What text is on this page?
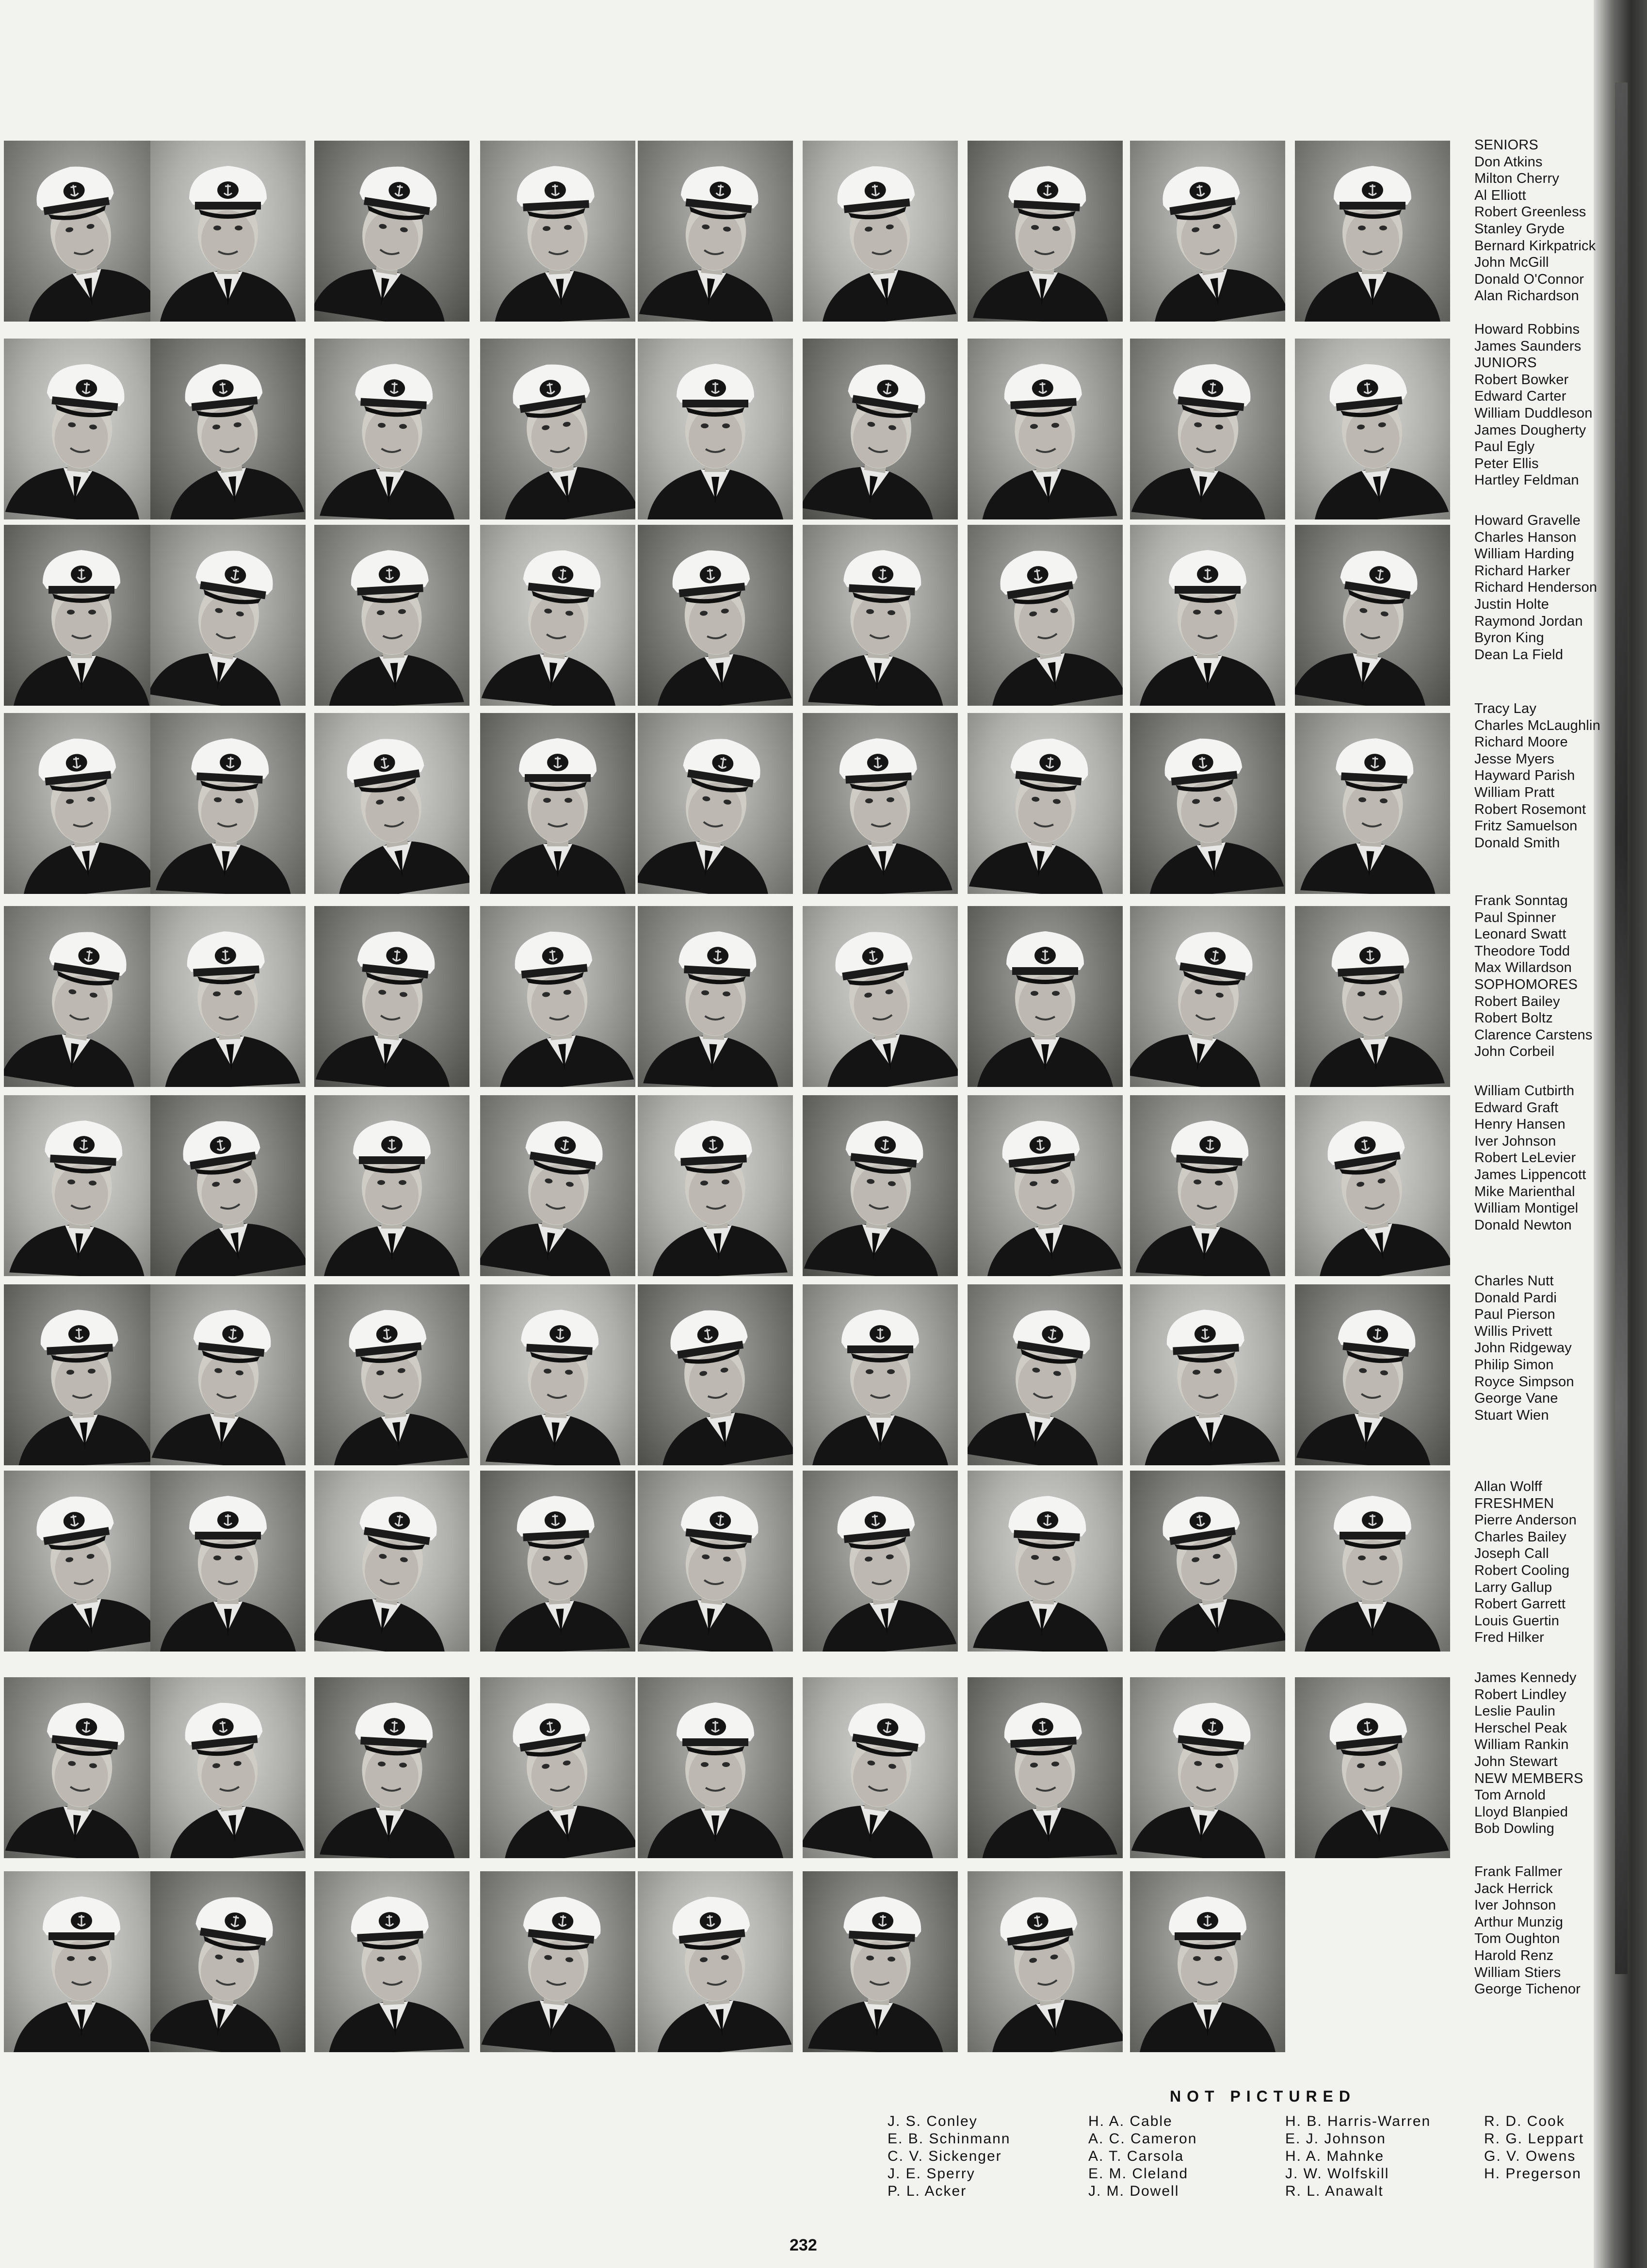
SENIORS
Don Atkins
Milton Cherry
Al Elliott
Robert Greenless
Stanley Gryde
Bernard Kirkpatrick
John McGill
Donald O'Connor
Alan Richardson
Howard Robbins
James Saunders
JUNIORS
Robert Bowker
Edward Carter
William Duddleson
James Dougherty
Paul Egly
Peter Ellis
Hartley Feldman
Howard Gravelle
Charles Hanson
William Harding
Richard Harker
Richard Henderson
Justin Holte
Raymond Jordan
Byron King
Dean La Field
Tracy Lay
Charles McLaughlin
Richard Moore
Jesse Myers
Hayward Parish
William Pratt
Robert Rosemont
Fritz Samuelson
Donald Smith
Frank Sonntag
Paul Spinner
Leonard Swatt
Theodore Todd
Max Willardson
SOPHOMORES
Robert Bailey
Robert Boltz
Clarence Carstens
John Corbeil
William Cutbirth
Edward Graft
Henry Hansen
Iver Johnson
Robert LeLevier
James Lippencott
Mike Marienthal
William Montigel
Donald Newton
Charles Nutt
Donald Pardi
Paul Pierson
Willis Privett
John Ridgeway
Philip Simon
Royce Simpson
George Vane
Stuart Wien
Allan Wolff
FRESHMEN
Pierre Anderson
Charles Bailey
Joseph Call
Robert Cooling
Larry Gallup
Robert Garrett
Louis Guertin
Fred Hilker
James Kennedy
Robert Lindley
Leslie Paulin
Herschel Peak
William Rankin
John Stewart
NEW MEMBERS
Tom Arnold
Lloyd Blanpied
Bob Dowling
Frank Fallmer
Jack Herrick
Iver Johnson
Arthur Munzig
Tom Oughton
Harold Renz
William Stiers
George Tichenor
NOT PICTURED
J. S. Conley
E. B. Schinmann
C. V. Sickenger
J. E. Sperry
P. L. Acker
H. A. Cable
A. C. Cameron
A. T. Carsola
E. M. Cleland
J. M. Dowell
H. B. Harris-Warren
E. J. Johnson
H. A. Mahnke
J. W. Wolfskill
R. L. Anawalt
R. D. Cook
R. G. Leppart
G. V. Owens
H. Pregerson
232
